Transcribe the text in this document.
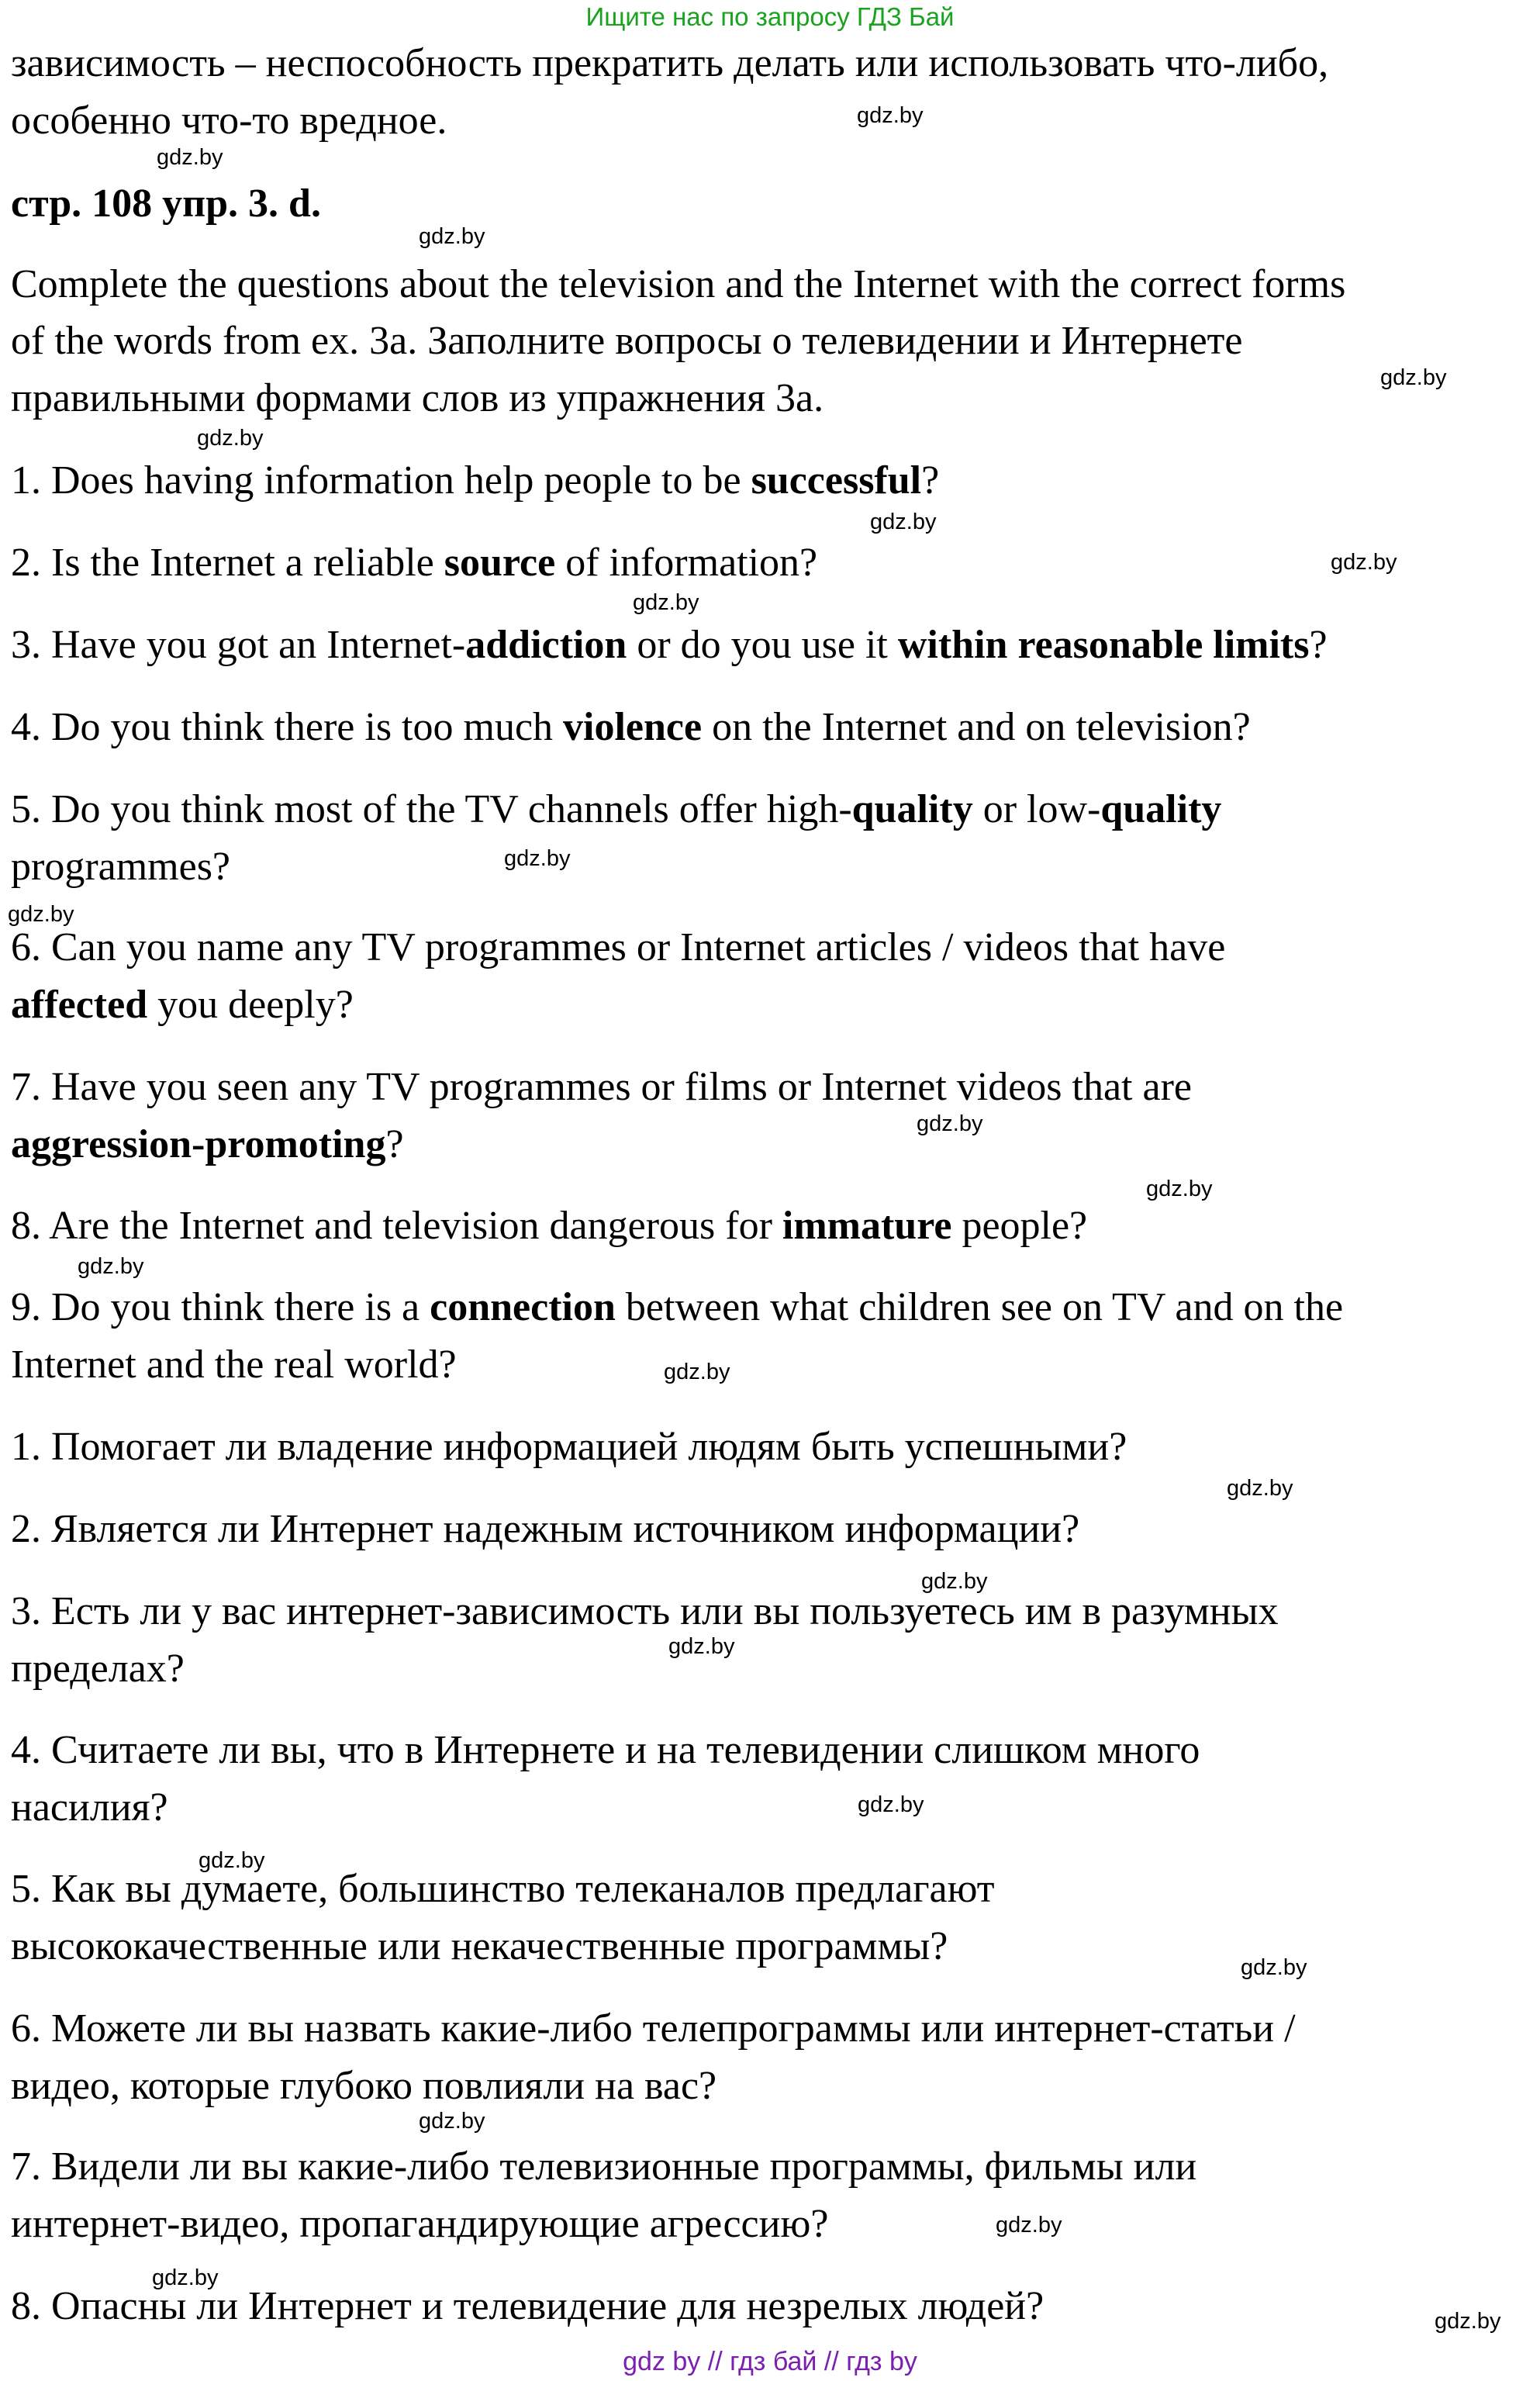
Ищите нас по запросу ГДЗ Бай
зависимость – неспособность прекратить делать или использовать что-либо,
особенно что-то вредное.
стр. 108 упр. 3. d.
Complete the questions about the television and the Internet with the correct forms
of the words from ex. 3a. Заполните вопросы о телевидении и Интернете
правильными формами слов из упражнения 3а.
1. Does having information help people to be successful?
2. Is the Internet a reliable source of information?
3. Have you got an Internet-addiction or do you use it within reasonable limits?
4. Do you think there is too much violence on the Internet and on television?
5. Do you think most of the TV channels offer high-quality or low-quality
programmes?
6. Can you name any TV programmes or Internet articles / videos that have
affected you deeply?
7. Have you seen any TV programmes or films or Internet videos that are
aggression-promoting?
8. Are the Internet and television dangerous for immature people?
9. Do you think there is a connection between what children see on TV and on the
Internet and the real world?
1. Помогает ли владение информацией людям быть успешными?
2. Является ли Интернет надежным источником информации?
3. Есть ли у вас интернет-зависимость или вы пользуетесь им в разумных
пределах?
4. Считаете ли вы, что в Интернете и на телевидении слишком много
насилия?
5. Как вы думаете, большинство телеканалов предлагают
высококачественные или некачественные программы?
6. Можете ли вы назвать какие-либо телепрограммы или интернет-статьи /
видео, которые глубоко повлияли на вас?
7. Видели ли вы какие-либо телевизионные программы, фильмы или
интернет-видео, пропагандирующие агрессию?
8. Опасны ли Интернет и телевидение для незрелых людей?
gdz.by
gdz.by
gdz.by
gdz.by
gdz.by
gdz.by
gdz.by
gdz.by
gdz.by
gdz.by
gdz.by
gdz.by
gdz.by
gdz.by
gdz.by
gdz.by
gdz.by
gdz.by
gdz.by
gdz.by
gdz.by
gdz.by
gdz.by
gdz.by
gdz by // гдз бай // гдз by
